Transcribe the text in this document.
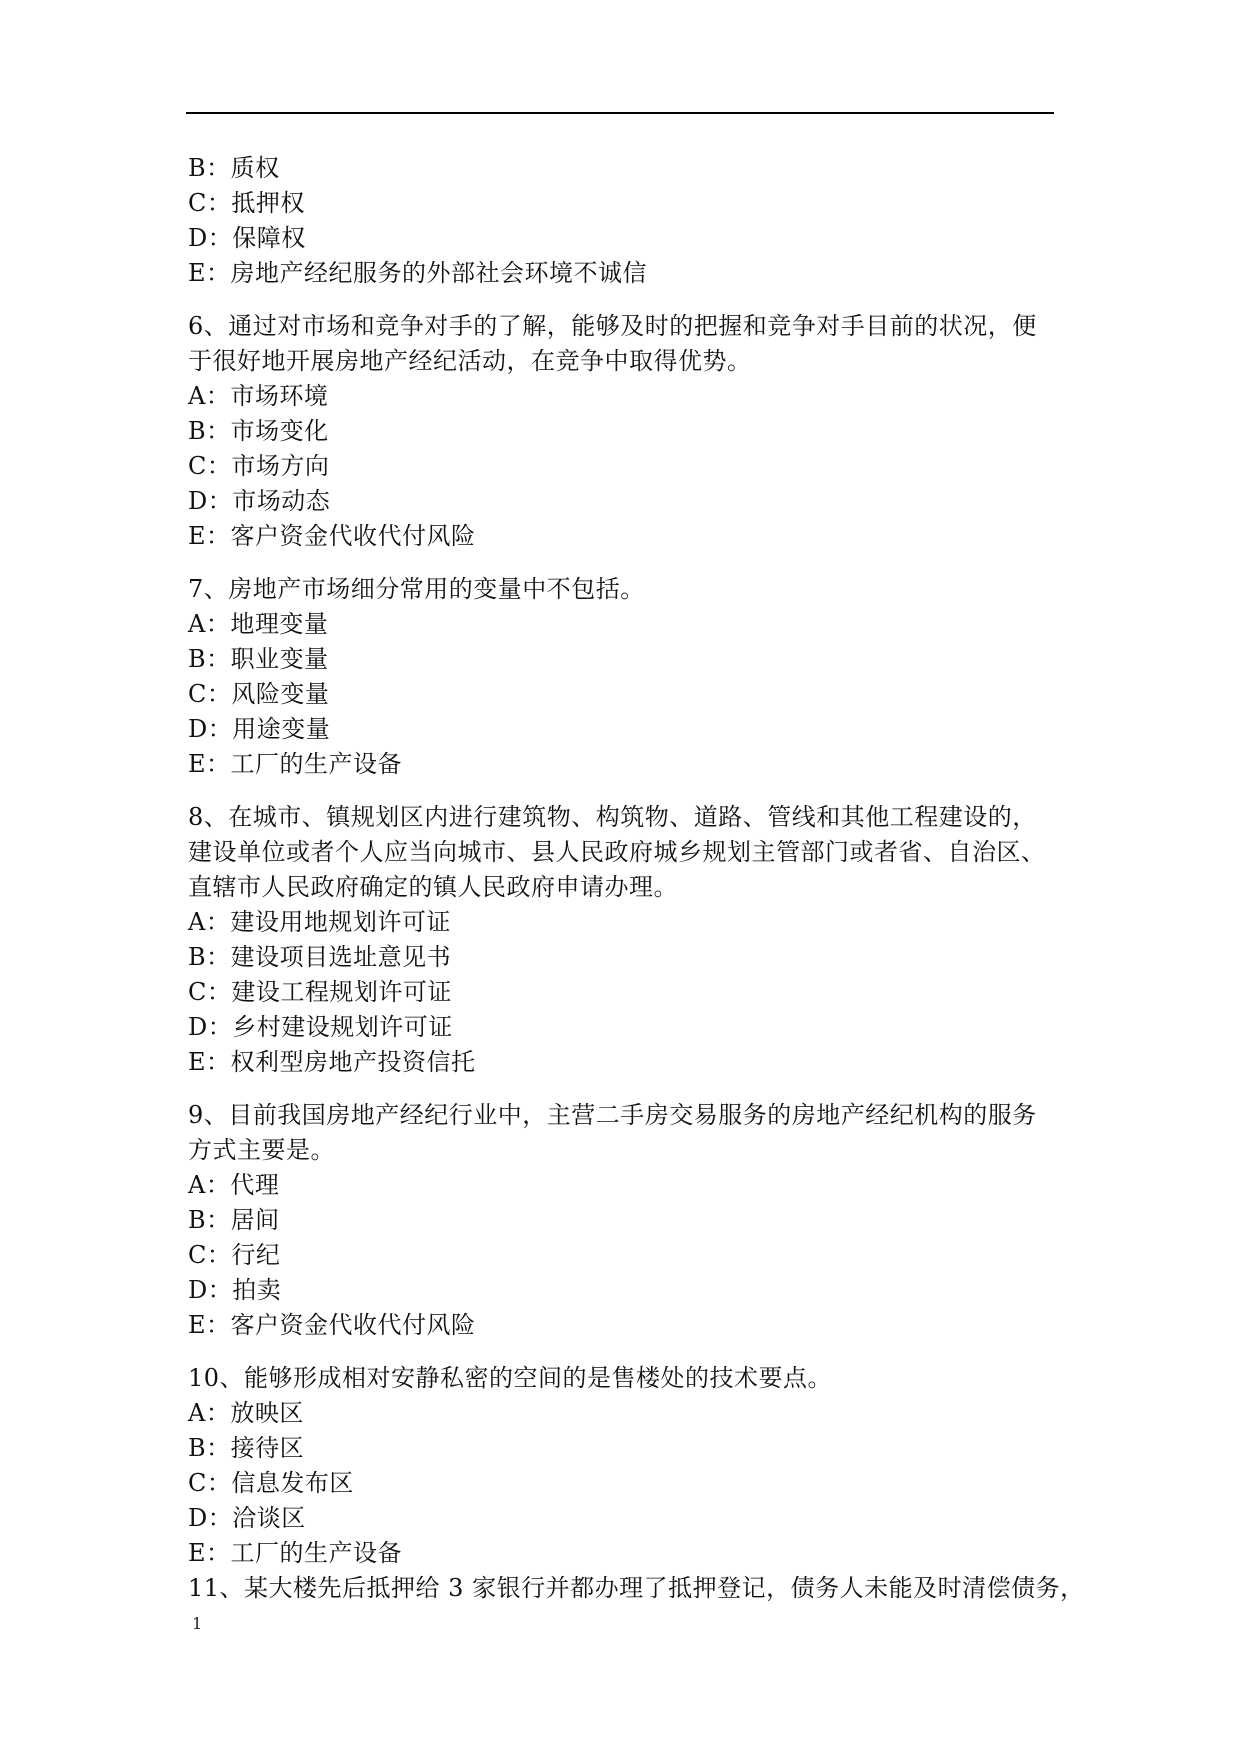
B：质权
C：抵押权
D：保障权
E：房地产经纪服务的外部社会环境不诚信
6、通过对市场和竞争对手的了解，能够及时的把握和竞争对手目前的状况，便
于很好地开展房地产经纪活动，在竞争中取得优势。
A：市场环境
B：市场变化
C：市场方向
D：市场动态
E：客户资金代收代付风险
7、房地产市场细分常用的变量中不包括。
A：地理变量
B：职业变量
C：风险变量
D：用途变量
E：工厂的生产设备
8、在城市、镇规划区内进行建筑物、构筑物、道路、管线和其他工程建设的，
建设单位或者个人应当向城市、县人民政府城乡规划主管部门或者省、自治区、
直辖市人民政府确定的镇人民政府申请办理。
A：建设用地规划许可证
B：建设项目选址意见书
C：建设工程规划许可证
D：乡村建设规划许可证
E：权利型房地产投资信托
9、目前我国房地产经纪行业中，主营二手房交易服务的房地产经纪机构的服务
方式主要是。
A：代理
B：居间
C：行纪
D：拍卖
E：客户资金代收代付风险
10、能够形成相对安静私密的空间的是售楼处的技术要点。
A：放映区
B：接待区
C：信息发布区
D：洽谈区
E：工厂的生产设备
11、某大楼先后抵押给 3 家银行并都办理了抵押登记，债务人未能及时清偿债务，
1
